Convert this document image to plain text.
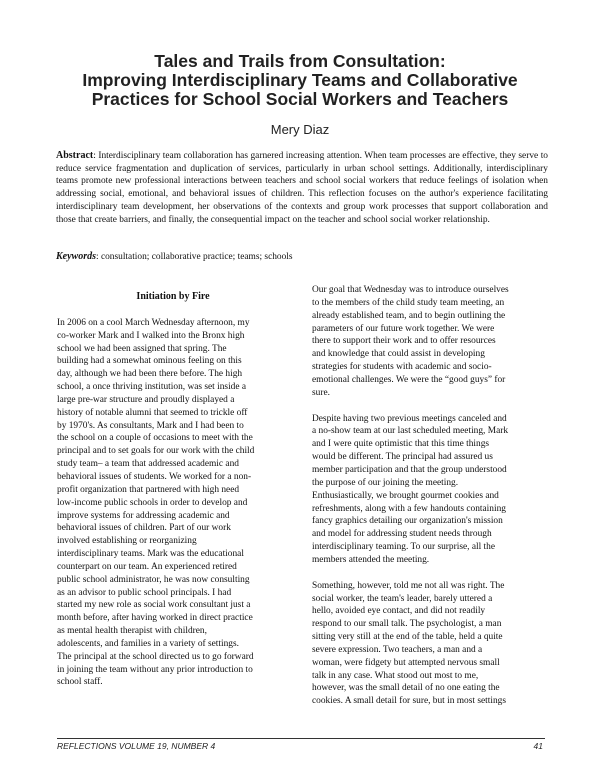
Tales and Trails from Consultation:
Improving Interdisciplinary Teams and Collaborative
Practices for School Social Workers and Teachers
Mery Diaz
Abstract: Interdisciplinary team collaboration has garnered increasing attention. When team processes are effective, they serve to reduce service fragmentation and duplication of services, particularly in urban school settings. Additionally, interdisciplinary teams promote new professional interactions between teachers and school social workers that reduce feelings of isolation when addressing social, emotional, and behavioral issues of children. This reflection focuses on the author's experience facilitating interdisciplinary team development, her observations of the contexts and group work processes that support collaboration and those that create barriers, and finally, the consequential impact on the teacher and school social worker relationship.
Keywords: consultation; collaborative practice; teams; schools
Initiation by Fire

In 2006 on a cool March Wednesday afternoon, my
co-worker Mark and I walked into the Bronx high
school we had been assigned that spring. The
building had a somewhat ominous feeling on this
day, although we had been there before. The high
school, a once thriving institution, was set inside a
large pre-war structure and proudly displayed a
history of notable alumni that seemed to trickle off
by 1970's. As consultants, Mark and I had been to
the school on a couple of occasions to meet with the
principal and to set goals for our work with the child
study team– a team that addressed academic and
behavioral issues of students. We worked for a non-
profit organization that partnered with high need
low-income public schools in order to develop and
improve systems for addressing academic and
behavioral issues of children. Part of our work
involved establishing or reorganizing
interdisciplinary teams. Mark was the educational
counterpart on our team. An experienced retired
public school administrator, he was now consulting
as an advisor to public school principals. I had
started my new role as social work consultant just a
month before, after having worked in direct practice
as mental health therapist with children,
adolescents, and families in a variety of settings.
The principal at the school directed us to go forward
in joining the team without any prior introduction to
school staff.

Our goal that Wednesday was to introduce ourselves
to the members of the child study team meeting, an
already established team, and to begin outlining the
parameters of our future work together. We were
there to support their work and to offer resources
and knowledge that could assist in developing
strategies for students with academic and socio-
emotional challenges. We were the “good guys” for
sure.

Despite having two previous meetings canceled and
a no-show team at our last scheduled meeting, Mark
and I were quite optimistic that this time things
would be different. The principal had assured us
member participation and that the group understood
the purpose of our joining the meeting.
Enthusiastically, we brought gourmet cookies and
refreshments, along with a few handouts containing
fancy graphics detailing our organization's mission
and model for addressing student needs through
interdisciplinary teaming. To our surprise, all the
members attended the meeting.

Something, however, told me not all was right. The
social worker, the team's leader, barely uttered a
hello, avoided eye contact, and did not readily
respond to our small talk. The psychologist, a man
sitting very still at the end of the table, held a quite
severe expression. Two teachers, a man and a
woman, were fidgety but attempted nervous small
talk in any case. What stood out most to me,
however, was the small detail of no one eating the
cookies. A small detail for sure, but in most settings

REFLECTIONS VOLUME 19, NUMBER 4	41
